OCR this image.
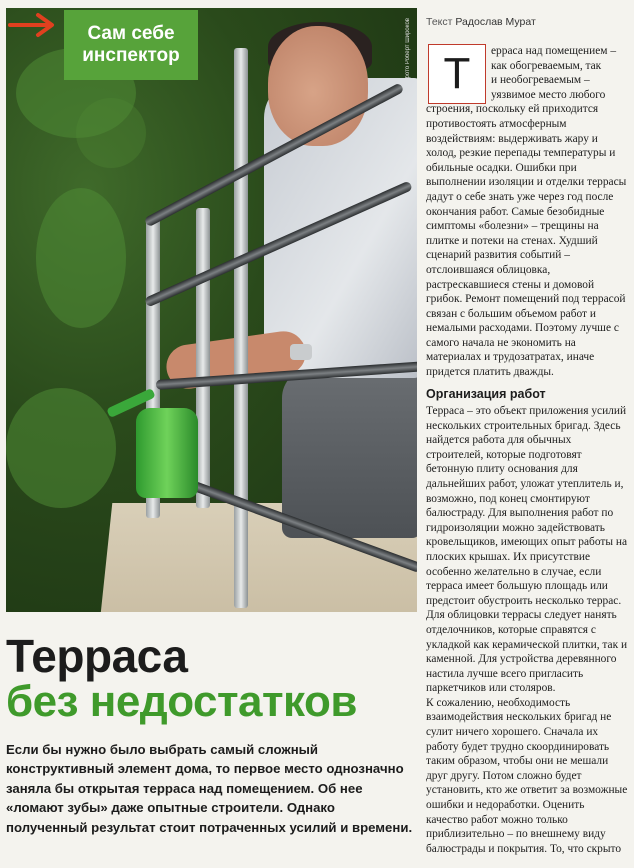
Сам себе
инспектор	фото Роберт Широков	Текст Радослав Мурат
Т	ерраса над помещением –
как обогреваемым, так
и необогреваемым –
уязвимое место любого
строения, поскольку ей приходится противостоять атмосферным воздействиям: выдерживать жару и холод, резкие перепады температуры и обильные осадки. Ошибки при выполнении изоляции и отделки террасы дадут о себе знать уже через год после окончания работ. Самые безобидные симптомы «болезни» – трещины на плитке и потеки на стенах. Худший сценарий развития событий – отслоившаяся облицовка, растрескавшиеся стены и домовой грибок. Ремонт помещений под террасой связан с большим объемом работ и немалыми расходами. Поэтому лучше с самого начала не экономить на материалах и трудозатратах, иначе придется платить дважды.
Организация работ
Терраса – это объект приложения усилий нескольких строительных бригад. Здесь найдется работа для обычных строителей, которые подготовят бетонную плиту основания для дальнейших работ, уложат утеплитель и, возможно, под конец смонтируют балюстраду. Для выполнения работ по гидроизоляции можно задействовать кровельщиков, имеющих опыт работы на плоских крышах. Их присутствие особенно желательно в случае, если терраса имеет большую площадь или предстоит обустроить несколько террас. Для облицовки террасы следует нанять отделочников, которые справятся с укладкой как керамической плитки, так и каменной. Для устройства деревянного настила лучше всего пригласить паркетчиков или столяров.
К сожалению, необходимость взаимодействия нескольких бригад не сулит ничего хорошего. Сначала их работу будет трудно скоординировать таким образом, чтобы они не мешали друг другу. Потом сложно будет установить, кто же ответит за возможные ошибки и недоработки. Оценить качество работ можно только приблизительно – по внешнему виду балюстрады и покрытия. То, что скрыто
Терраса
без недостатков
Если бы нужно было выбрать самый сложный конструктивный элемент дома, то первое место однозначно заняла бы открытая терраса над помещением. Об нее «ломают зубы» даже опытные строители. Однако полученный результат стоит потраченных усилий и времени.
